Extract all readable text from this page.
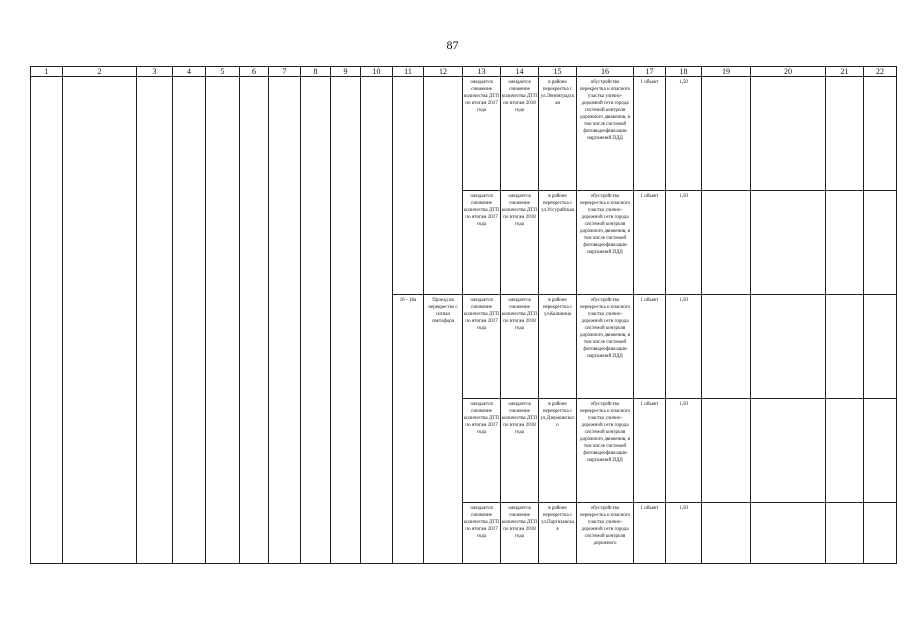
87
1	2	3	4	5	6	7	8	9	10	11	12	13	14	15	16	17	18	19	20	21	22

												ожидается снижение количества ДТП по итогам 2017 года	ожидается снижение количества ДТП по итогам 2018 года	в районе перекрестка с ул.Ленинградская	обустройство перекрестка и опасного участка улично-дорожной сети города системой контроля дорожного движения, в том числе системой фотовидеофиксации нарушений ПДД	1 объект	1,50				

												ожидается снижение количества ДТП по итогам 2017 года	ожидается снижение количества ДТП по итогам 2018 года	в районе перекрестка с ул.Уссурийская	обустройство перекрестка и опасного участка улично-дорожной сети города системой контроля дорожного движения, в том числе системой фотовидеофиксации нарушений ПДД	1 объект	1,50				

										16 - 18а	Проезд на перекрестке с сигнал светофора	ожидается снижение количества ДТП по итогам 2017 года	ожидается снижение количества ДТП по итогам 2018 года	в районе перекрестка с ул.Калинина	обустройство перекрестка и опасного участка улично-дорожной сети города системой контроля дорожного движения, в том числе системой фотовидеофиксации нарушений ПДД	1 объект	1,50				

												ожидается снижение количества ДТП по итогам 2017 года	ожидается снижение количества ДТП по итогам 2018 года	в районе перекрестка с ул.Дзержинского	обустройство перекрестка и опасного участка улично-дорожной сети города системой контроля дорожного движения, в том числе системой фотовидеофиксации нарушений ПДД	1 объект	1,50				

												ожидается снижение количества ДТП по итогам 2017 года	ожидается снижение количества ДТП по итогам 2018 года	в районе перекрестка с ул.Партизанская	обустройство перекрестка и опасного участка улично-дорожной сети города системой контроля дорожного	1 объект	1,50				
